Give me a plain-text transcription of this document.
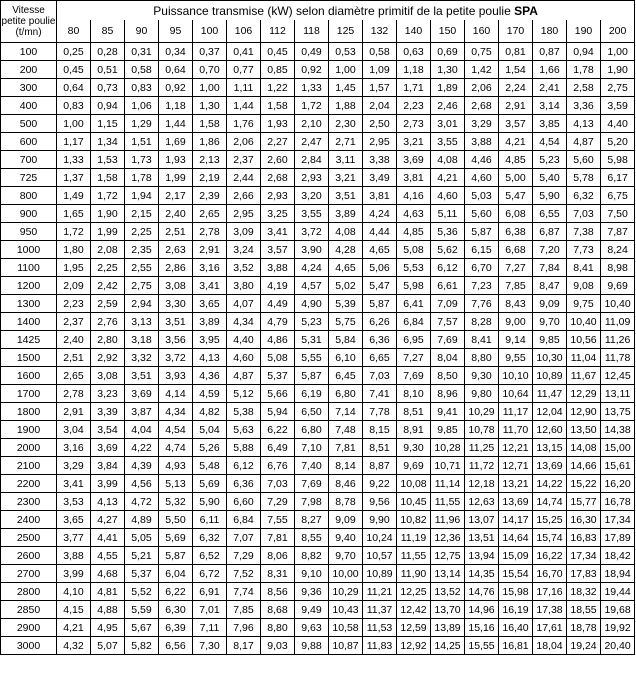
Vitesse
petite poulie
(t/mn)	Puissance transmise (kW) selon diamètre primitif de la petite poulie SPA																
	80	85	90	95	100	106	112	118	125	132	140	150	160	170	180	190	200
100	0,25	0,28	0,31	0,34	0,37	0,41	0,45	0,49	0,53	0,58	0,63	0,69	0,75	0,81	0,87	0,94	1,00
200	0,45	0,51	0,58	0,64	0,70	0,77	0,85	0,92	1,00	1,09	1,18	1,30	1,42	1,54	1,66	1,78	1,90
300	0,64	0,73	0,83	0,92	1,00	1,11	1,22	1,33	1,45	1,57	1,71	1,89	2,06	2,24	2,41	2,58	2,75
400	0,83	0,94	1,06	1,18	1,30	1,44	1,58	1,72	1,88	2,04	2,23	2,46	2,68	2,91	3,14	3,36	3,59
500	1,00	1,15	1,29	1,44	1,58	1,76	1,93	2,10	2,30	2,50	2,73	3,01	3,29	3,57	3,85	4,13	4,40
600	1,17	1,34	1,51	1,69	1,86	2,06	2,27	2,47	2,71	2,95	3,21	3,55	3,88	4,21	4,54	4,87	5,20
700	1,33	1,53	1,73	1,93	2,13	2,37	2,60	2,84	3,11	3,38	3,69	4,08	4,46	4,85	5,23	5,60	5,98
725	1,37	1,58	1,78	1,99	2,19	2,44	2,68	2,93	3,21	3,49	3,81	4,21	4,60	5,00	5,40	5,78	6,17
800	1,49	1,72	1,94	2,17	2,39	2,66	2,93	3,20	3,51	3,81	4,16	4,60	5,03	5,47	5,90	6,32	6,75
900	1,65	1,90	2,15	2,40	2,65	2,95	3,25	3,55	3,89	4,24	4,63	5,11	5,60	6,08	6,55	7,03	7,50
950	1,72	1,99	2,25	2,51	2,78	3,09	3,41	3,72	4,08	4,44	4,85	5,36	5,87	6,38	6,87	7,38	7,87
1000	1,80	2,08	2,35	2,63	2,91	3,24	3,57	3,90	4,28	4,65	5,08	5,62	6,15	6,68	7,20	7,73	8,24
1100	1,95	2,25	2,55	2,86	3,16	3,52	3,88	4,24	4,65	5,06	5,53	6,12	6,70	7,27	7,84	8,41	8,98
1200	2,09	2,42	2,75	3,08	3,41	3,80	4,19	4,57	5,02	5,47	5,98	6,61	7,23	7,85	8,47	9,08	9,69
1300	2,23	2,59	2,94	3,30	3,65	4,07	4,49	4,90	5,39	5,87	6,41	7,09	7,76	8,43	9,09	9,75	10,40
1400	2,37	2,76	3,13	3,51	3,89	4,34	4,79	5,23	5,75	6,26	6,84	7,57	8,28	9,00	9,70	10,40	11,09
1425	2,40	2,80	3,18	3,56	3,95	4,40	4,86	5,31	5,84	6,36	6,95	7,69	8,41	9,14	9,85	10,56	11,26
1500	2,51	2,92	3,32	3,72	4,13	4,60	5,08	5,55	6,10	6,65	7,27	8,04	8,80	9,55	10,30	11,04	11,78
1600	2,65	3,08	3,51	3,93	4,36	4,87	5,37	5,87	6,45	7,03	7,69	8,50	9,30	10,10	10,89	11,67	12,45
1700	2,78	3,23	3,69	4,14	4,59	5,12	5,66	6,19	6,80	7,41	8,10	8,96	9,80	10,64	11,47	12,29	13,11
1800	2,91	3,39	3,87	4,34	4,82	5,38	5,94	6,50	7,14	7,78	8,51	9,41	10,29	11,17	12,04	12,90	13,75
1900	3,04	3,54	4,04	4,54	5,04	5,63	6,22	6,80	7,48	8,15	8,91	9,85	10,78	11,70	12,60	13,50	14,38
2000	3,16	3,69	4,22	4,74	5,26	5,88	6,49	7,10	7,81	8,51	9,30	10,28	11,25	12,21	13,15	14,08	15,00
2100	3,29	3,84	4,39	4,93	5,48	6,12	6,76	7,40	8,14	8,87	9,69	10,71	11,72	12,71	13,69	14,66	15,61
2200	3,41	3,99	4,56	5,13	5,69	6,36	7,03	7,69	8,46	9,22	10,08	11,14	12,18	13,21	14,22	15,22	16,20
2300	3,53	4,13	4,72	5,32	5,90	6,60	7,29	7,98	8,78	9,56	10,45	11,55	12,63	13,69	14,74	15,77	16,78
2400	3,65	4,27	4,89	5,50	6,11	6,84	7,55	8,27	9,09	9,90	10,82	11,96	13,07	14,17	15,25	16,30	17,34
2500	3,77	4,41	5,05	5,69	6,32	7,07	7,81	8,55	9,40	10,24	11,19	12,36	13,51	14,64	15,74	16,83	17,89
2600	3,88	4,55	5,21	5,87	6,52	7,29	8,06	8,82	9,70	10,57	11,55	12,75	13,94	15,09	16,22	17,34	18,42
2700	3,99	4,68	5,37	6,04	6,72	7,52	8,31	9,10	10,00	10,89	11,90	13,14	14,35	15,54	16,70	17,83	18,94
2800	4,10	4,81	5,52	6,22	6,91	7,74	8,56	9,36	10,29	11,21	12,25	13,52	14,76	15,98	17,16	18,32	19,44
2850	4,15	4,88	5,59	6,30	7,01	7,85	8,68	9,49	10,43	11,37	12,42	13,70	14,96	16,19	17,38	18,55	19,68
2900	4,21	4,95	5,67	6,39	7,11	7,96	8,80	9,63	10,58	11,53	12,59	13,89	15,16	16,40	17,61	18,78	19,92
3000	4,32	5,07	5,82	6,56	7,30	8,17	9,03	9,88	10,87	11,83	12,92	14,25	15,55	16,81	18,04	19,24	20,40
